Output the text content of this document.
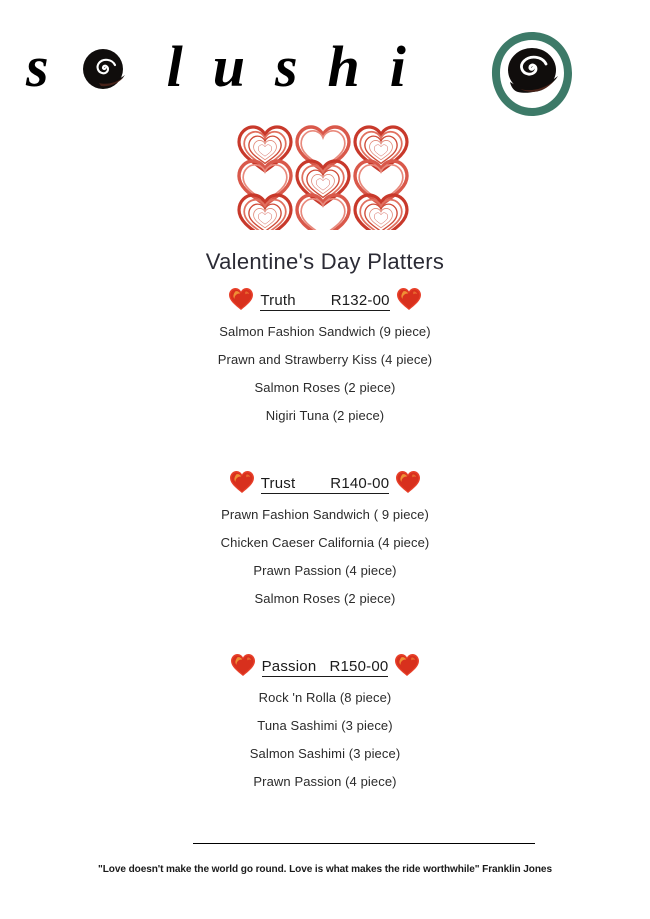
s lushi
Valentine's Day Platters
Truth        R132-00
Salmon Fashion Sandwich (9 piece)
Prawn and Strawberry Kiss (4 piece)
Salmon Roses (2 piece)
Nigiri Tuna (2 piece)
Trust        R140-00
Prawn Fashion Sandwich ( 9 piece)
Chicken Caeser California (4 piece)
Prawn Passion (4 piece)
Salmon Roses (2 piece)
Passion   R150-00
Rock 'n Rolla (8 piece)
Tuna Sashimi (3 piece)
Salmon Sashimi (3 piece)
Prawn Passion (4 piece)
"Love doesn't make the world go round. Love is what makes the ride worthwhile" Franklin Jones
